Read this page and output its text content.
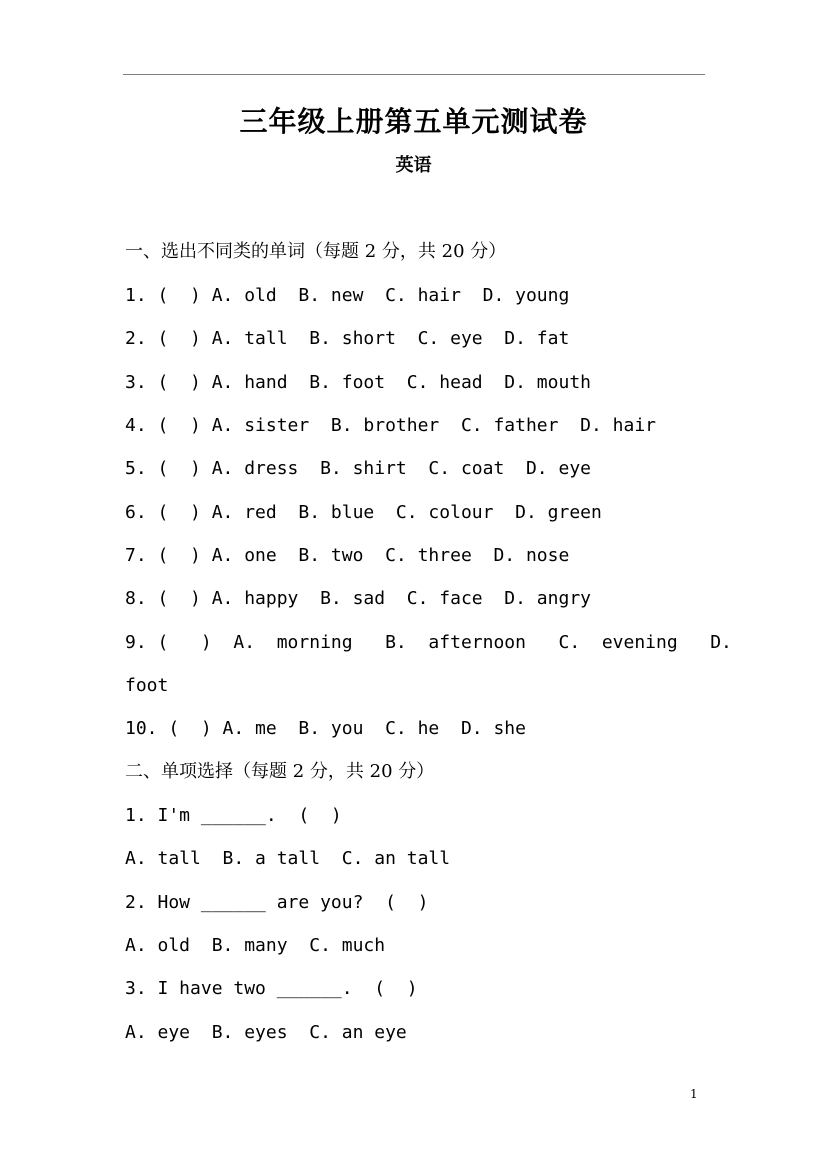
三年级上册第五单元测试卷
英语
一、选出不同类的单词（每题 2 分，共 20 分）
1. (  ) A. old  B. new  C. hair  D. young
2. (  ) A. tall  B. short  C. eye  D. fat
3. (  ) A. hand  B. foot  C. head  D. mouth
4. (  ) A. sister  B. brother  C. father  D. hair
5. (  ) A. dress  B. shirt  C. coat  D. eye
6. (  ) A. red  B. blue  C. colour  D. green
7. (  ) A. one  B. two  C. three  D. nose
8. (  ) A. happy  B. sad  C. face  D. angry
9. (   )  A.  morning   B.  afternoon   C.  evening   D.
foot
10. (  ) A. me  B. you  C. he  D. she
二、单项选择（每题 2 分，共 20 分）
1. I'm ______.  (  )
A. tall  B. a tall  C. an tall
2. How ______ are you?  (  )
A. old  B. many  C. much
3. I have two ______.  (  )
A. eye  B. eyes  C. an eye
1
